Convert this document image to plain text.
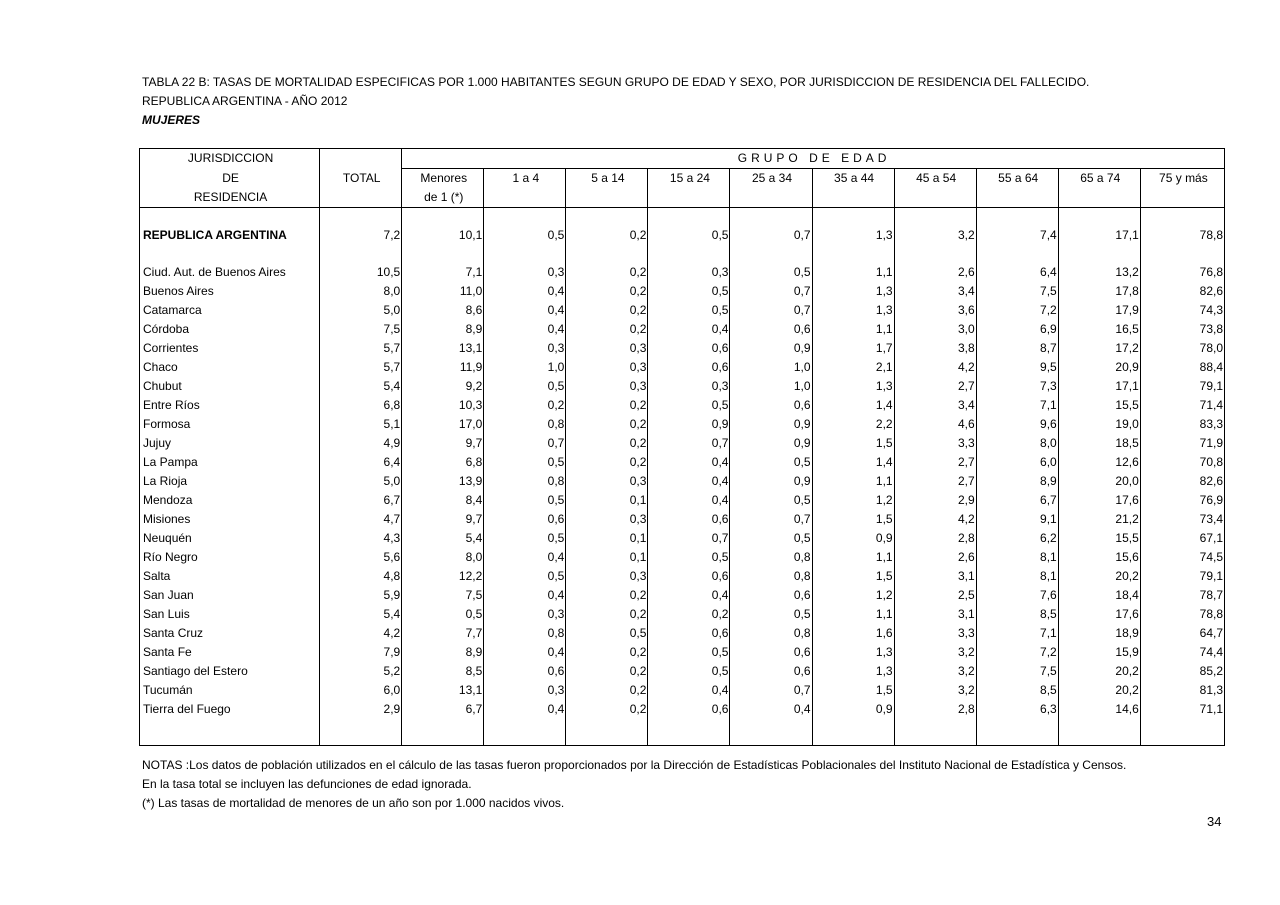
TABLA 22 B: TASAS DE MORTALIDAD ESPECIFICAS POR 1.000 HABITANTES SEGUN GRUPO DE EDAD Y SEXO, POR JURISDICCION DE RESIDENCIA DEL FALLECIDO.
REPUBLICA ARGENTINA - AÑO 2012
MUJERES
JURISDICCION		GRUPO DE EDAD									
DE	TOTAL	Menores	1 a 4	5 a 14	15 a 24	25 a 34	35 a 44	45 a 54	55 a 64	65 a 74	75 y más
RESIDENCIA		de 1 (*)									

REPUBLICA ARGENTINA	7,2	10,1	0,5	0,2	0,5	0,7	1,3	3,2	7,4	17,1	78,8

Ciud. Aut. de Buenos Aires	10,5	7,1	0,3	0,2	0,3	0,5	1,1	2,6	6,4	13,2	76,8
Buenos Aires	8,0	11,0	0,4	0,2	0,5	0,7	1,3	3,4	7,5	17,8	82,6
Catamarca	5,0	8,6	0,4	0,2	0,5	0,7	1,3	3,6	7,2	17,9	74,3
Córdoba	7,5	8,9	0,4	0,2	0,4	0,6	1,1	3,0	6,9	16,5	73,8
Corrientes	5,7	13,1	0,3	0,3	0,6	0,9	1,7	3,8	8,7	17,2	78,0
Chaco	5,7	11,9	1,0	0,3	0,6	1,0	2,1	4,2	9,5	20,9	88,4
Chubut	5,4	9,2	0,5	0,3	0,3	1,0	1,3	2,7	7,3	17,1	79,1
Entre Ríos	6,8	10,3	0,2	0,2	0,5	0,6	1,4	3,4	7,1	15,5	71,4
Formosa	5,1	17,0	0,8	0,2	0,9	0,9	2,2	4,6	9,6	19,0	83,3
Jujuy	4,9	9,7	0,7	0,2	0,7	0,9	1,5	3,3	8,0	18,5	71,9
La Pampa	6,4	6,8	0,5	0,2	0,4	0,5	1,4	2,7	6,0	12,6	70,8
La Rioja	5,0	13,9	0,8	0,3	0,4	0,9	1,1	2,7	8,9	20,0	82,6
Mendoza	6,7	8,4	0,5	0,1	0,4	0,5	1,2	2,9	6,7	17,6	76,9
Misiones	4,7	9,7	0,6	0,3	0,6	0,7	1,5	4,2	9,1	21,2	73,4
Neuquén	4,3	5,4	0,5	0,1	0,7	0,5	0,9	2,8	6,2	15,5	67,1
Río Negro	5,6	8,0	0,4	0,1	0,5	0,8	1,1	2,6	8,1	15,6	74,5
Salta	4,8	12,2	0,5	0,3	0,6	0,8	1,5	3,1	8,1	20,2	79,1
San Juan	5,9	7,5	0,4	0,2	0,4	0,6	1,2	2,5	7,6	18,4	78,7
San Luis	5,4	0,5	0,3	0,2	0,2	0,5	1,1	3,1	8,5	17,6	78,8
Santa Cruz	4,2	7,7	0,8	0,5	0,6	0,8	1,6	3,3	7,1	18,9	64,7
Santa Fe	7,9	8,9	0,4	0,2	0,5	0,6	1,3	3,2	7,2	15,9	74,4
Santiago del Estero	5,2	8,5	0,6	0,2	0,5	0,6	1,3	3,2	7,5	20,2	85,2
Tucumán	6,0	13,1	0,3	0,2	0,4	0,7	1,5	3,2	8,5	20,2	81,3
Tierra del Fuego	2,9	6,7	0,4	0,2	0,6	0,4	0,9	2,8	6,3	14,6	71,1

NOTAS :Los datos de población utilizados en el cálculo de las tasas fueron proporcionados por la Dirección de Estadísticas Poblacionales del Instituto Nacional de Estadística y Censos.
En la tasa total se incluyen las defunciones de edad ignorada.
(*) Las tasas de mortalidad de menores de un año son por 1.000 nacidos vivos.
34
